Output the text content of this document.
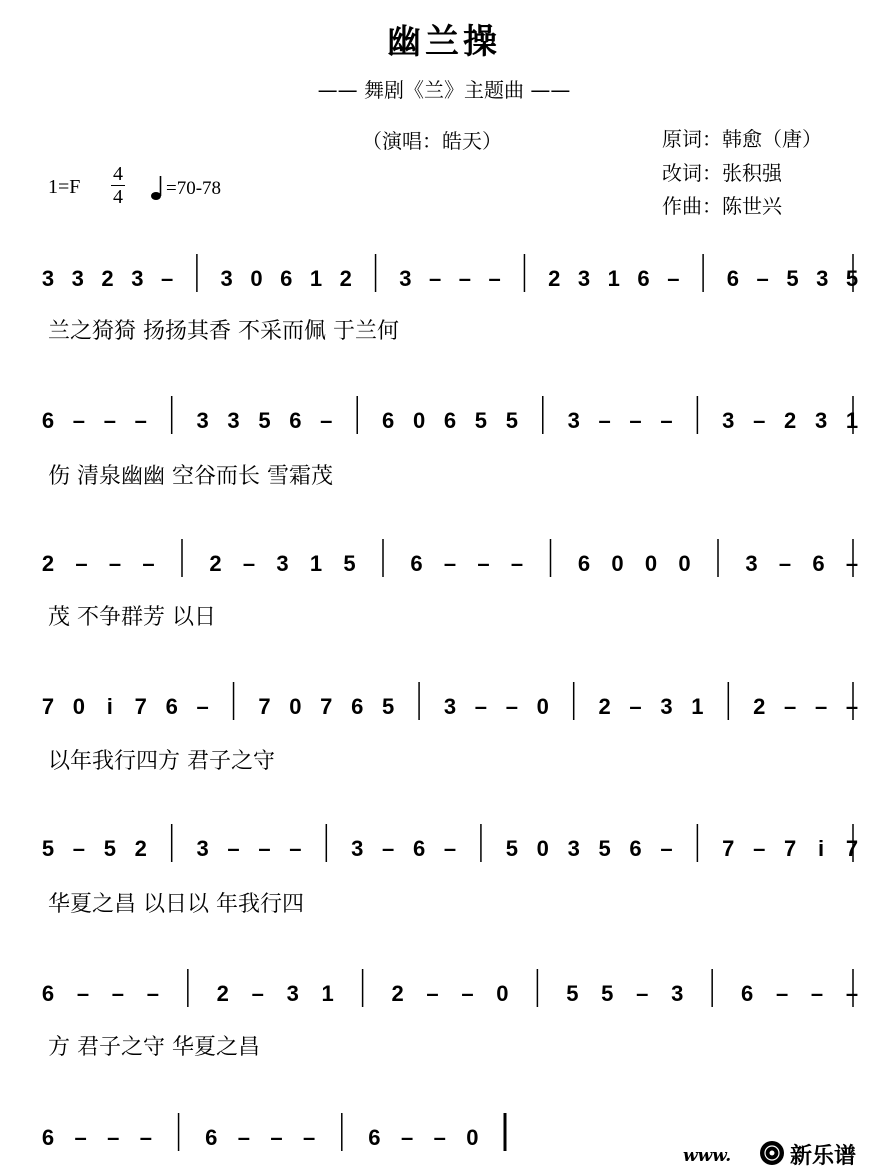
幽兰操
—— 舞剧《兰》主题曲 ——
（演唱：皓天）	原词：韩愈（唐）
改词：张积强
作曲：陈世兴
1=F
4
4 =70-78
3 3 2 3 – 3 0 6 1 2 3 – – – 2 3 1 6 – 6 – 5 3 5
兰之猗猗 扬扬其香 不采而佩 于兰何
6 – – – 3 3 5 6 – 6 0 6 5 5 3 – – – 3 – 2 3 1
伤 清泉幽幽 空谷而长 雪霜茂
2 – – – 2 – 3 1 5 6 – – – 6 0 0 0 3 – 6 –
茂 不争群芳 以日
7 0 i 7 6 – 7 0 7 6 5 3 – – 0 2 – 3 1 2 – – –
以年我行四方 君子之守
5 – 5 2 3 – – – 3 – 6 – 5 0 3 5 6 – 7 – 7 i 7
华夏之昌 以日以 年我行四
6 – – –	2 – 3 1	2 – – 0	5 5 – 3	6 – – –
方 君子之守 华夏之昌
6 – – – 6 – – – 6 – – 0
www.	新乐谱
